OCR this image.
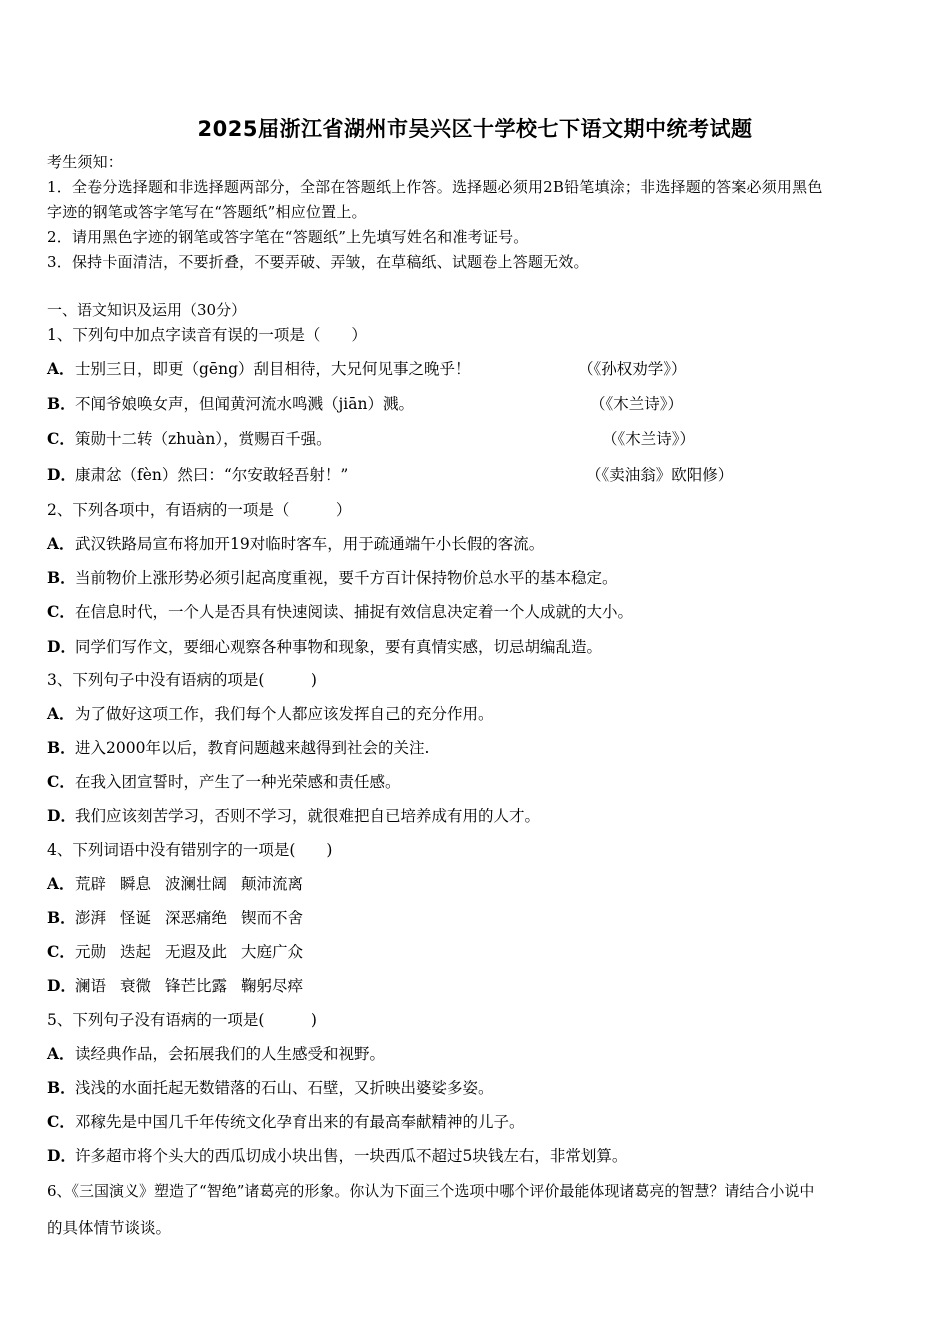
2025届浙江省湖州市吴兴区十学校七下语文期中统考试题
考生须知：
1．全卷分选择题和非选择题两部分，全部在答题纸上作答。选择题必须用2B铅笔填涂；非选择题的答案必须用黑色
字迹的钢笔或答字笔写在“答题纸”相应位置上。
2．请用黑色字迹的钢笔或答字笔在“答题纸”上先填写姓名和准考证号。
3．保持卡面清洁，不要折叠，不要弄破、弄皱，在草稿纸、试题卷上答题无效。
一、语文知识及运用（30分）
1、下列句中加点字读音有误的一项是（　　）
A．士别三日，即更（gēng）刮目相待，大兄何见事之晚乎！	（《孙权劝学》）
B．不闻爷娘唤女声，但闻黄河流水鸣溅（jiān）溅。	（《木兰诗》）
C．策勋十二转（zhuàn），赏赐百千强。	（《木兰诗》）
D．康肃忿（fèn）然曰：“尔安敢轻吾射！”	（《卖油翁》欧阳修）
2、下列各项中，有语病的一项是（　　　）
A．武汉铁路局宣布将加开19对临时客车，用于疏通端午小长假的客流。
B．当前物价上涨形势必须引起高度重视，要千方百计保持物价总水平的基本稳定。
C．在信息时代，一个人是否具有快速阅读、捕捉有效信息决定着一个人成就的大小。
D．同学们写作文，要细心观察各种事物和现象，要有真情实感，切忌胡编乱造。
3、下列句子中没有语病的项是(　　　)
A．为了做好这项工作，我们每个人都应该发挥自己的充分作用。
B．进入2000年以后，教育问题越来越得到社会的关注.
C．在我入团宣誓时，产生了一种光荣感和责任感。
D．我们应该刻苦学习，否则不学习，就很难把自已培养成有用的人才。
4、下列词语中没有错别字的一项是(　　)
A．荒辟 瞬息 波澜壮阔 颠沛流离
B．澎湃 怪诞 深恶痛绝 锲而不舍
C．元勋 迭起 无遐及此 大庭广众
D．澜语 衰微 锋芒比露 鞠躬尽瘁
5、下列句子没有语病的一项是(　　　)
A．读经典作品，会拓展我们的人生感受和视野。
B．浅浅的水面托起无数错落的石山、石壁，又折映出婆娑多姿。
C．邓稼先是中国几千年传统文化孕育出来的有最高奉献精神的儿子。
D．许多超市将个头大的西瓜切成小块出售，一块西瓜不超过5块钱左右，非常划算。
6、《三国演义》塑造了“智绝”诸葛亮的形象。你认为下面三个选项中哪个评价最能体现诸葛亮的智慧？请结合小说中
的具体情节谈谈。
